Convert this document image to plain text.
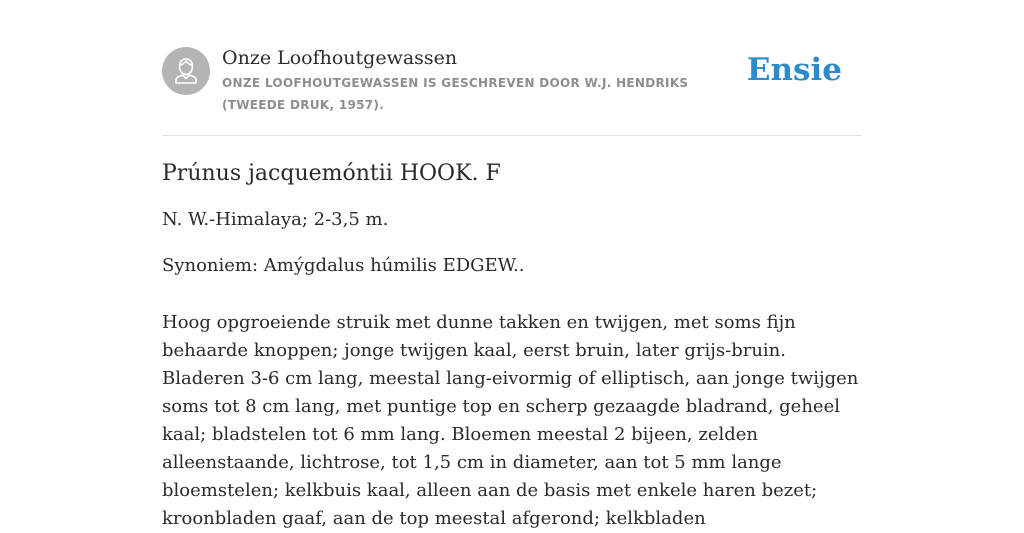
Onze Loofhoutgewassen
ONZE LOOFHOUTGEWASSEN IS GESCHREVEN DOOR W.J. HENDRIKS (TWEEDE DRUK, 1957).
Ensie
Prúnus jacquemóntii HOOK. F

N. W.-Himalaya; 2-3,5 m.

Synoniem: Amýgdalus húmilis EDGEW..

Hoog opgroeiende struik met dunne takken en twijgen, met soms fijn behaarde knoppen; jonge twijgen kaal, eerst bruin, later grijs-bruin. Bladeren 3-6 cm lang, meestal lang-eivormig of elliptisch, aan jonge twijgen soms tot 8 cm lang, met puntige top en scherp gezaagde bladrand, geheel kaal; bladstelen tot 6 mm lang. Bloemen meestal 2 bijeen, zelden alleenstaande, lichtrose, tot 1,5 cm in diameter, aan tot 5 mm lange bloemstelen; kelkbuis kaal, alleen aan de basis met enkele haren bezet; kroonbladen gaaf, aan de top meestal afgerond; kelkbladen
